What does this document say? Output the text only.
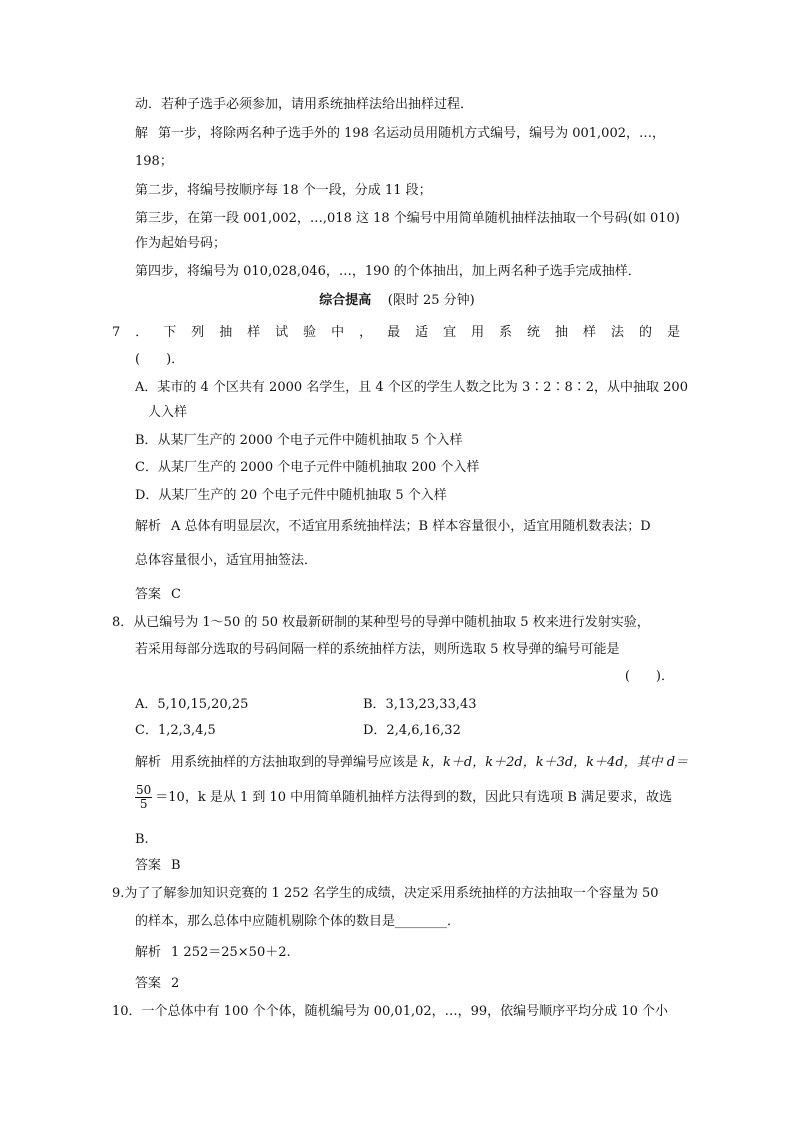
动．若种子选手必须参加，请用系统抽样法给出抽样过程．
解 第一步，将除两名种子选手外的 198 名运动员用随机方式编号，编号为 001,002，…，
198；
第二步，将编号按顺序每 18 个一段，分成 11 段；
第三步，在第一段 001,002，…,018 这 18 个编号中用简单随机抽样法抽取一个号码(如 010)
作为起始号码；
第四步，将编号为 010,028,046，…，190 的个体抽出，加上两名种子选手完成抽样．
综合提高 (限时 25 分钟)
7 ． 下 列 抽 样 试 验 中 ， 最 适 宜 用 系 统 抽 样 法 的 是
(　　)．
A．某市的 4 个区共有 2000 名学生，且 4 个区的学生人数之比为 3∶2∶8∶2，从中抽取 200
人入样
B．从某厂生产的 2000 个电子元件中随机抽取 5 个入样
C．从某厂生产的 2000 个电子元件中随机抽取 200 个入样
D．从某厂生产的 20 个电子元件中随机抽取 5 个入样
解析 A 总体有明显层次，不适宜用系统抽样法；B 样本容量很小，适宜用随机数表法；D
总体容量很小，适宜用抽签法．
答案 C
8．从已编号为 1～50 的 50 枚最新研制的某种型号的导弹中随机抽取 5 枚来进行发射实验，
若采用每部分选取的号码间隔一样的系统抽样方法，则所选取 5 枚导弹的编号可能是
(　　)．
A．5,10,15,20,25	B．3,13,23,33,43
C．1,2,3,4,5	D．2,4,6,16,32
解析 用系统抽样的方法抽取到的导弹编号应该是 k，k＋d，k＋2d，k＋3d，k＋4d，其中 d＝
$\frac{50}{5} =10$，k 是从 1 到 10 中用简单随机抽样方法得到的数，因此只有选项 B 满足要求，故选
B.
答案 B
9.为了了解参加知识竞赛的 1 252 名学生的成绩，决定采用系统抽样的方法抽取一个容量为 50
的样本，那么总体中应随机剔除个体的数目是________．
解析 1 252＝25×50＋2.
答案 2
10．一个总体中有 100 个个体，随机编号为 00,01,02，…，99，依编号顺序平均分成 10 个小
